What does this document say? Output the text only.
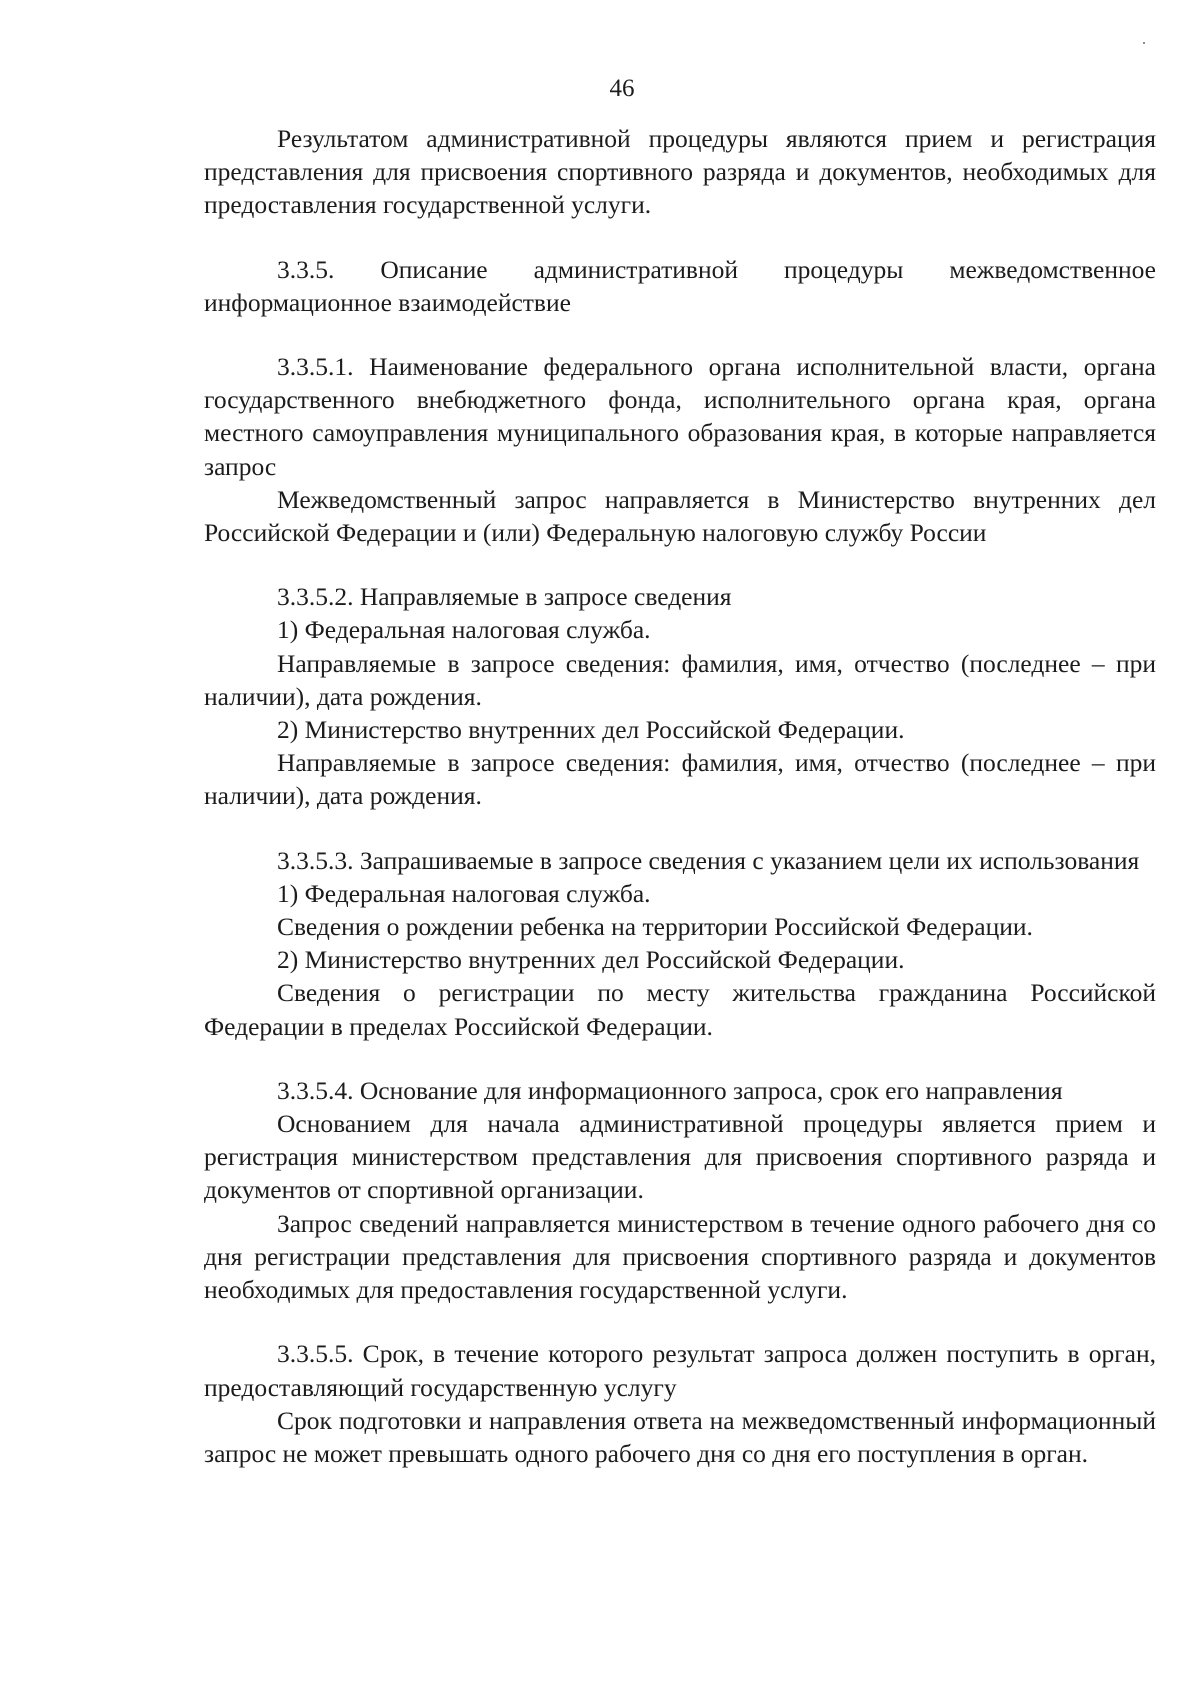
46

Результатом административной процедуры являются прием и регистрация представления для присвоения спортивного разряда и документов, необходимых для предоставления государственной услуги.

3.3.5. Описание административной процедуры межведомственное информационное взаимодействие

3.3.5.1. Наименование федерального органа исполнительной власти, органа государственного внебюджетного фонда, исполнительного органа края, органа местного самоуправления муниципального образования края, в которые направляется запрос

Межведомственный запрос направляется в Министерство внутренних дел Российской Федерации и (или) Федеральную налоговую службу России

3.3.5.2. Направляемые в запросе сведения

1) Федеральная налоговая служба.

Направляемые в запросе сведения: фамилия, имя, отчество (последнее – при наличии), дата рождения.

2) Министерство внутренних дел Российской Федерации.

Направляемые в запросе сведения: фамилия, имя, отчество (последнее – при наличии), дата рождения.

3.3.5.3. Запрашиваемые в запросе сведения с указанием цели их использования

1) Федеральная налоговая служба.

Сведения о рождении ребенка на территории Российской Федерации.

2) Министерство внутренних дел Российской Федерации.

Сведения о регистрации по месту жительства гражданина Российской Федерации в пределах Российской Федерации.

3.3.5.4. Основание для информационного запроса, срок его направления

Основанием для начала административной процедуры является прием и регистрация министерством представления для присвоения спортивного разряда и документов от спортивной организации.

Запрос сведений направляется министерством в течение одного рабочего дня со дня регистрации представления для присвоения спортивного разряда и документов необходимых для предоставления государственной услуги.

3.3.5.5. Срок, в течение которого результат запроса должен поступить в орган, предоставляющий государственную услугу

Срок подготовки и направления ответа на межведомственный информационный запрос не может превышать одного рабочего дня со дня его поступления в орган.
